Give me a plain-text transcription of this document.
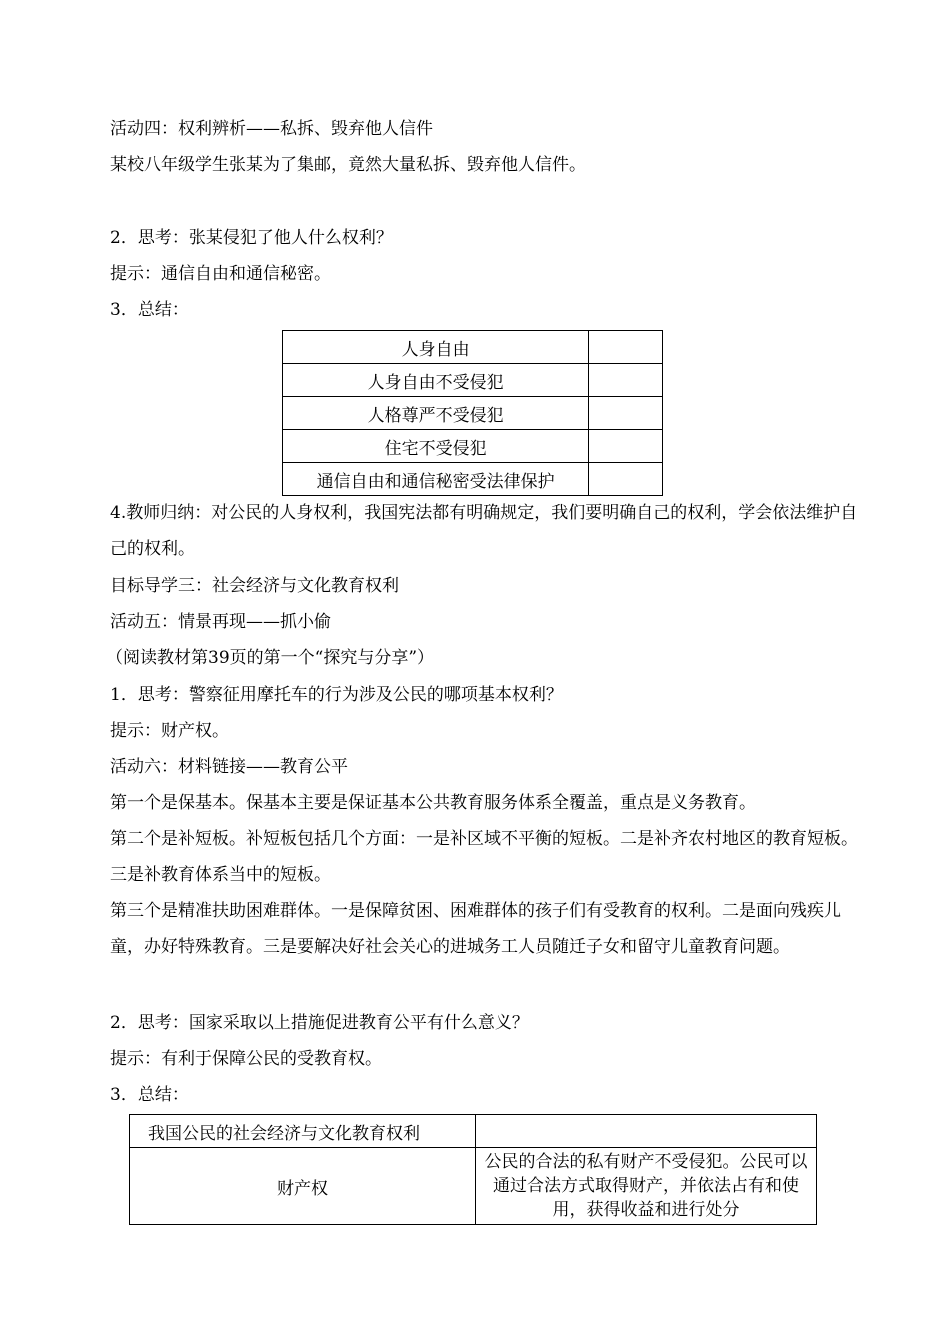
活动四：权利辨析——私拆、毁弃他人信件
某校八年级学生张某为了集邮，竟然大量私拆、毁弃他人信件。
2．思考：张某侵犯了他人什么权利？
提示：通信自由和通信秘密。
3．总结：
人身自由	
人身自由不受侵犯	
人格尊严不受侵犯	
住宅不受侵犯	
通信自由和通信秘密受法律保护	
4.教师归纳：对公民的人身权利，我国宪法都有明确规定，我们要明确自己的权利，学会依法维护自己的权利。
目标导学三：社会经济与文化教育权利
活动五：情景再现——抓小偷
（阅读教材第39页的第一个“探究与分享”）
1．思考：警察征用摩托车的行为涉及公民的哪项基本权利？
提示：财产权。
活动六：材料链接——教育公平
第一个是保基本。保基本主要是保证基本公共教育服务体系全覆盖，重点是义务教育。
第二个是补短板。补短板包括几个方面：一是补区域不平衡的短板。二是补齐农村地区的教育短板。三是补教育体系当中的短板。
第三个是精准扶助困难群体。一是保障贫困、困难群体的孩子们有受教育的权利。二是面向残疾儿童，办好特殊教育。三是要解决好社会关心的进城务工人员随迁子女和留守儿童教育问题。
2．思考：国家采取以上措施促进教育公平有什么意义？
提示：有利于保障公民的受教育权。
3．总结：
我国公民的社会经济与文化教育权利	
财产权	公民的合法的私有财产不受侵犯。公民可以通过合法方式取得财产，并依法占有和使用，获得收益和进行处分
